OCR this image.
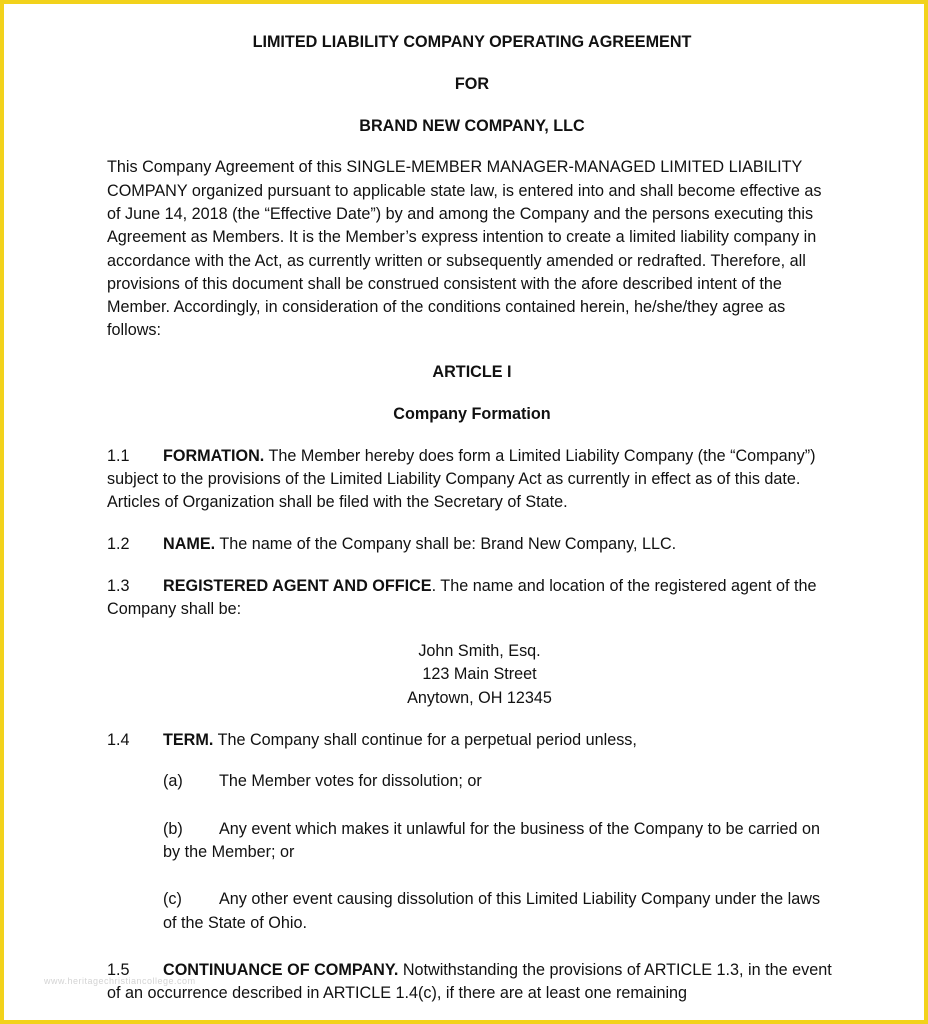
LIMITED LIABILITY COMPANY OPERATING AGREEMENT

FOR

BRAND NEW COMPANY, LLC

This Company Agreement of this SINGLE-MEMBER MANAGER-MANAGED LIMITED LIABILITY COMPANY organized pursuant to applicable state law, is entered into and shall become effective as of June 14, 2018 (the “Effective Date”) by and among the Company and the persons executing this Agreement as Members. It is the Member’s express intention to create a limited liability company in accordance with the Act, as currently written or subsequently amended or redrafted. Therefore, all provisions of this document shall be construed consistent with the afore described intent of the Member. Accordingly, in consideration of the conditions contained herein, he/she/they agree as follows:

ARTICLE I

Company Formation

1.1 FORMATION. The Member hereby does form a Limited Liability Company (the “Company”) subject to the provisions of the Limited Liability Company Act as currently in effect as of this date. Articles of Organization shall be filed with the Secretary of State.

1.2 NAME. The name of the Company shall be: Brand New Company, LLC.

1.3 REGISTERED AGENT AND OFFICE. The name and location of the registered agent of the Company shall be:

John Smith, Esq.
123 Main Street
Anytown, OH 12345

1.4 TERM. The Company shall continue for a perpetual period unless,

(a) The Member votes for dissolution; or

(b) Any event which makes it unlawful for the business of the Company to be carried on by the Member; or

(c) Any other event causing dissolution of this Limited Liability Company under the laws of the State of Ohio.

1.5 CONTINUANCE OF COMPANY. Notwithstanding the provisions of ARTICLE 1.3, in the event of an occurrence described in ARTICLE 1.4(c), if there are at least one remaining

www.heritagechristiancollege.com
